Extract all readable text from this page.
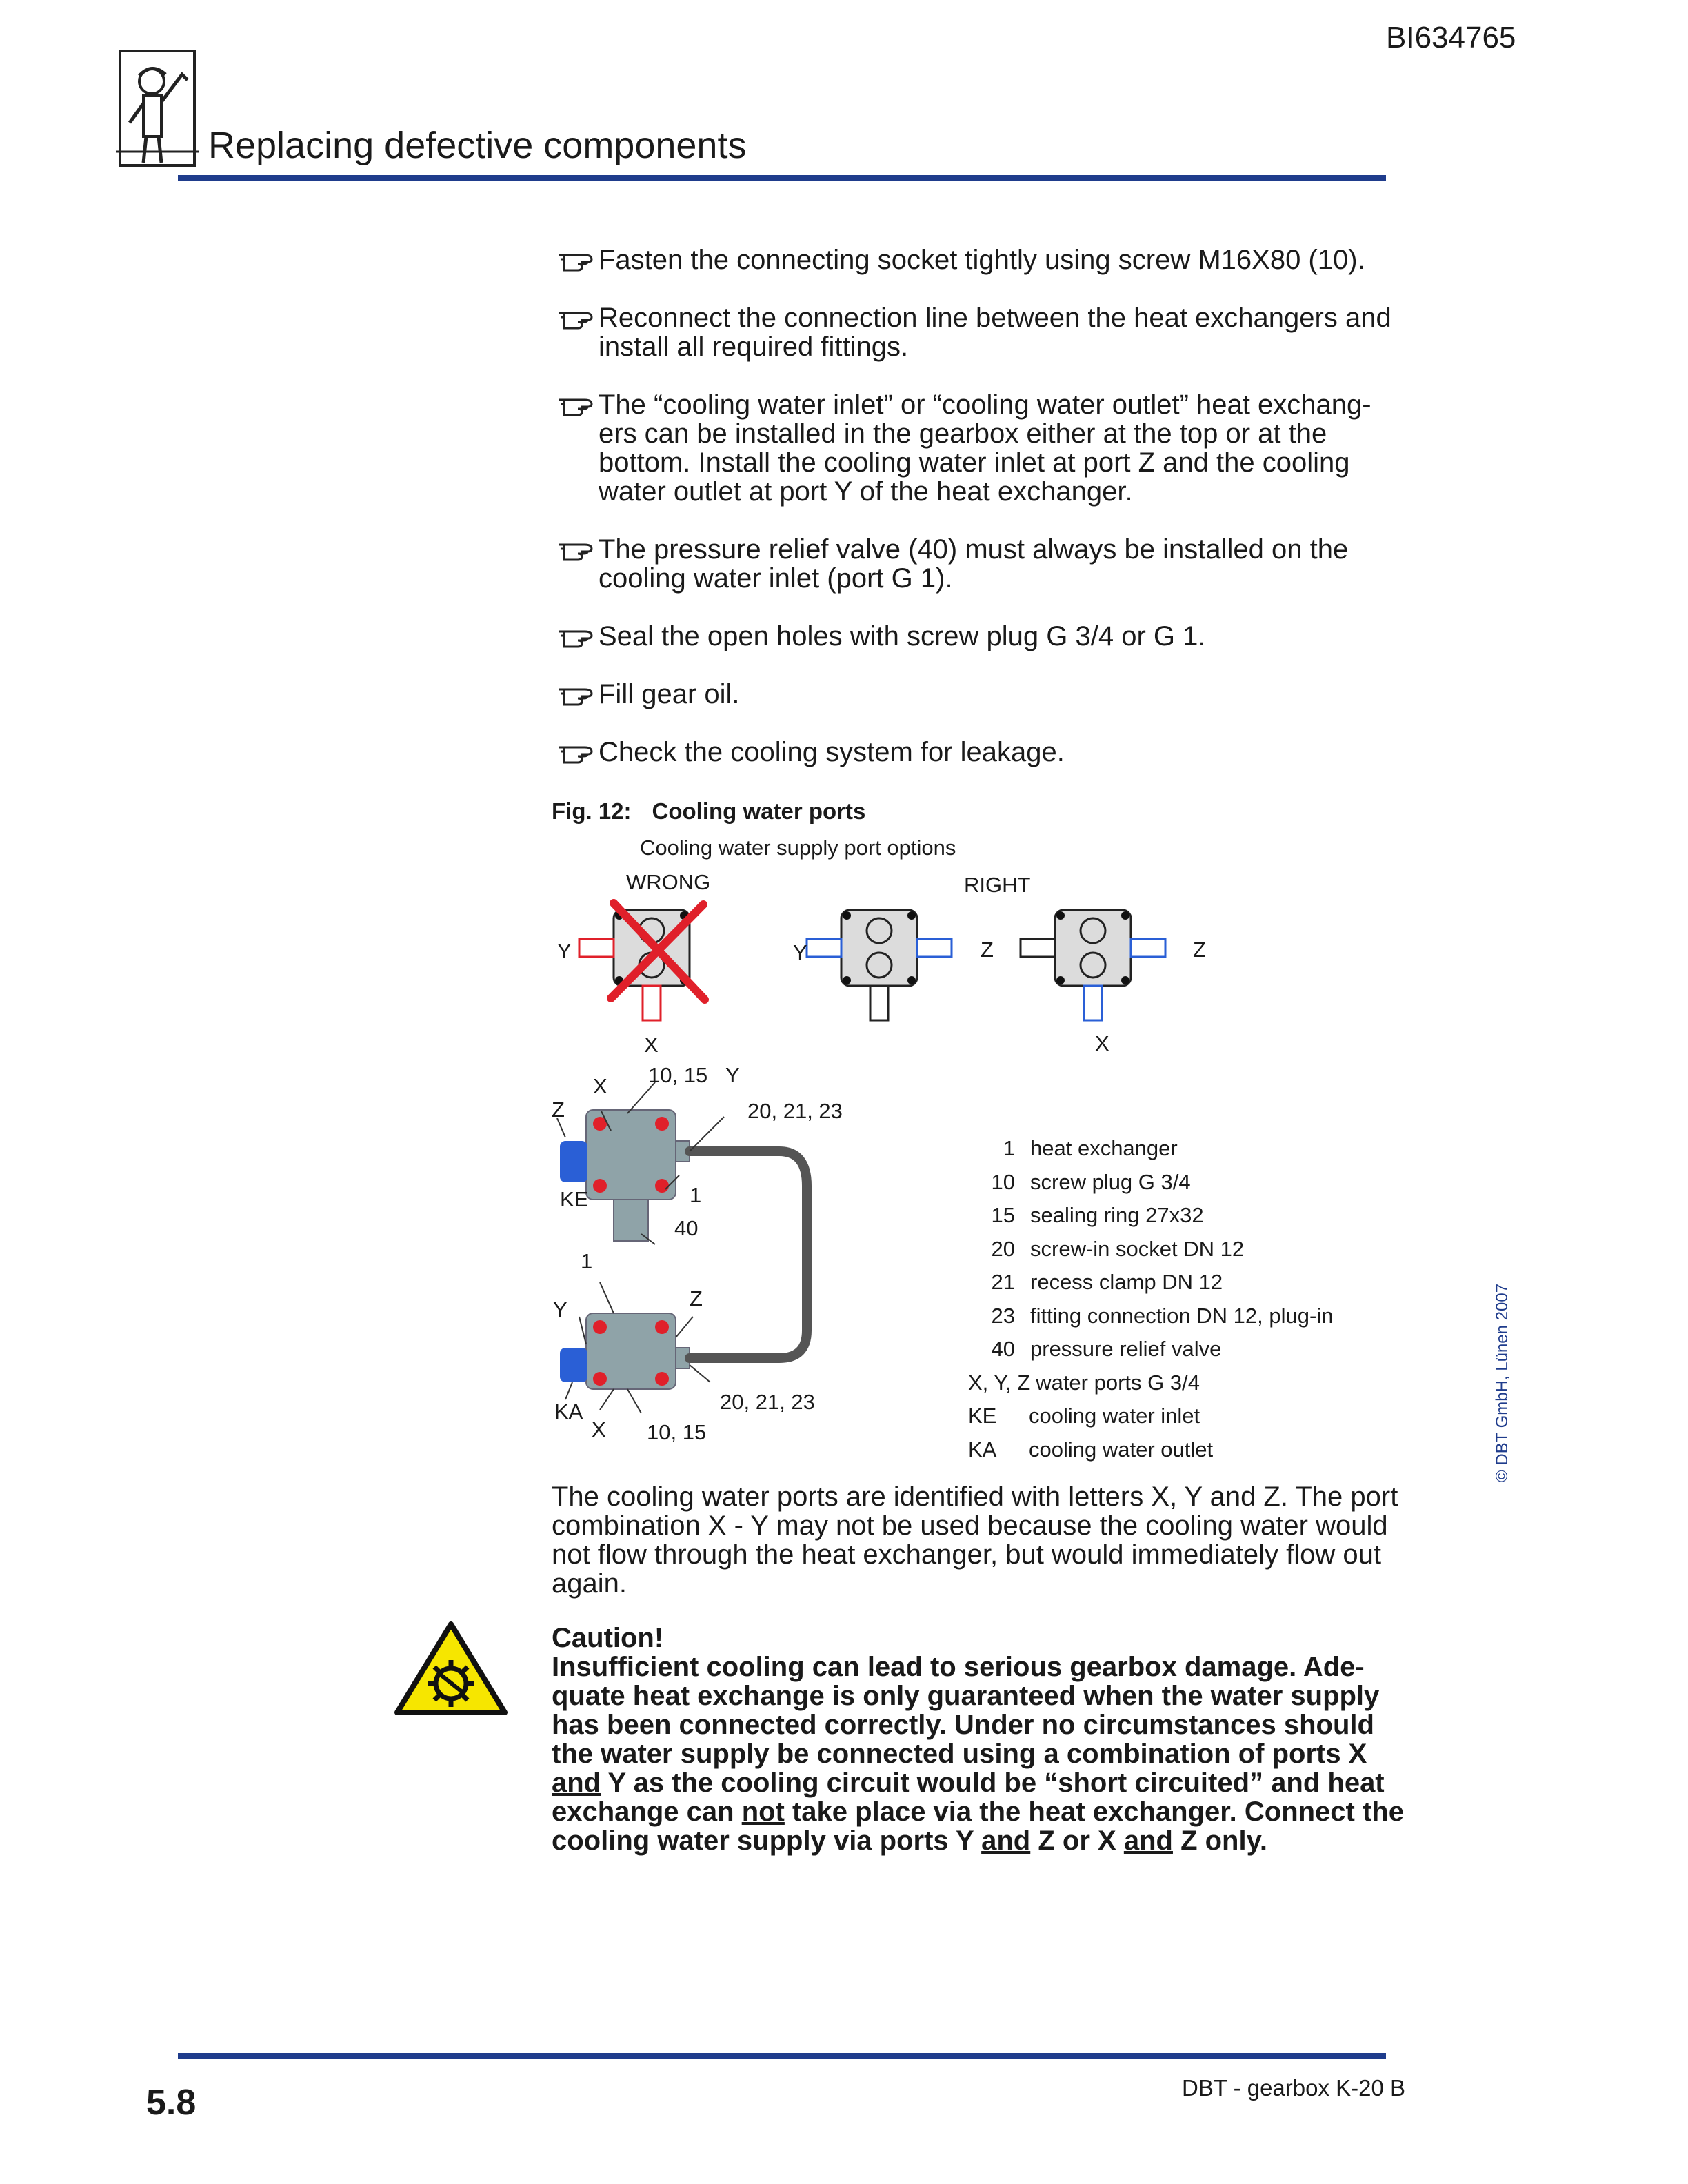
BI634765
Replacing defective components
Fasten the connecting socket tightly using screw M16X80 (10).
Reconnect the connection line between the heat exchangers and install all required fittings.
The “cooling water inlet” or “cooling water outlet” heat exchang-ers can be installed in the gearbox either at the top or at the bottom. Install the cooling water inlet at port Z and the cooling water outlet at port Y of the heat exchanger.
The pressure relief valve (40) must always be installed on the cooling water inlet (port G 1).
Seal the open holes with screw plug G 3/4 or G 1.
Fill gear oil.
Check the cooling system for leakage.
Fig. 12: Cooling water ports
Cooling water supply port options
WRONG	RIGHT
Y
X
Y	Z	Z
X
X 10, 15 Y
Z	20, 21, 23
KE	1
40
1
Z
Y
20, 21, 23
KA
X 10, 15
1 heat exchanger
10 screw plug G 3/4
15 sealing ring 27x32
20 screw-in socket DN 12
21 recess clamp DN 12
23 fitting connection DN 12, plug-in
40 pressure relief valve
X, Y, Z water ports G 3/4
KE cooling water inlet
KA cooling water outlet
The cooling water ports are identified with letters X, Y and Z. The port combination X - Y may not be used because the cooling water would not flow through the heat exchanger, but would immediately flow out again.
Caution!
Insufficient cooling can lead to serious gearbox damage. Ade-quate heat exchange is only guaranteed when the water supply has been connected correctly. Under no circumstances should the water supply be connected using a combination of ports X and Y as the cooling circuit would be “short circuited” and heat exchange can not take place via the heat exchanger. Connect the cooling water supply via ports Y and Z or X and Z only.
© DBT GmbH, Lünen 2007
5.8	DBT - gearbox K-20 B
